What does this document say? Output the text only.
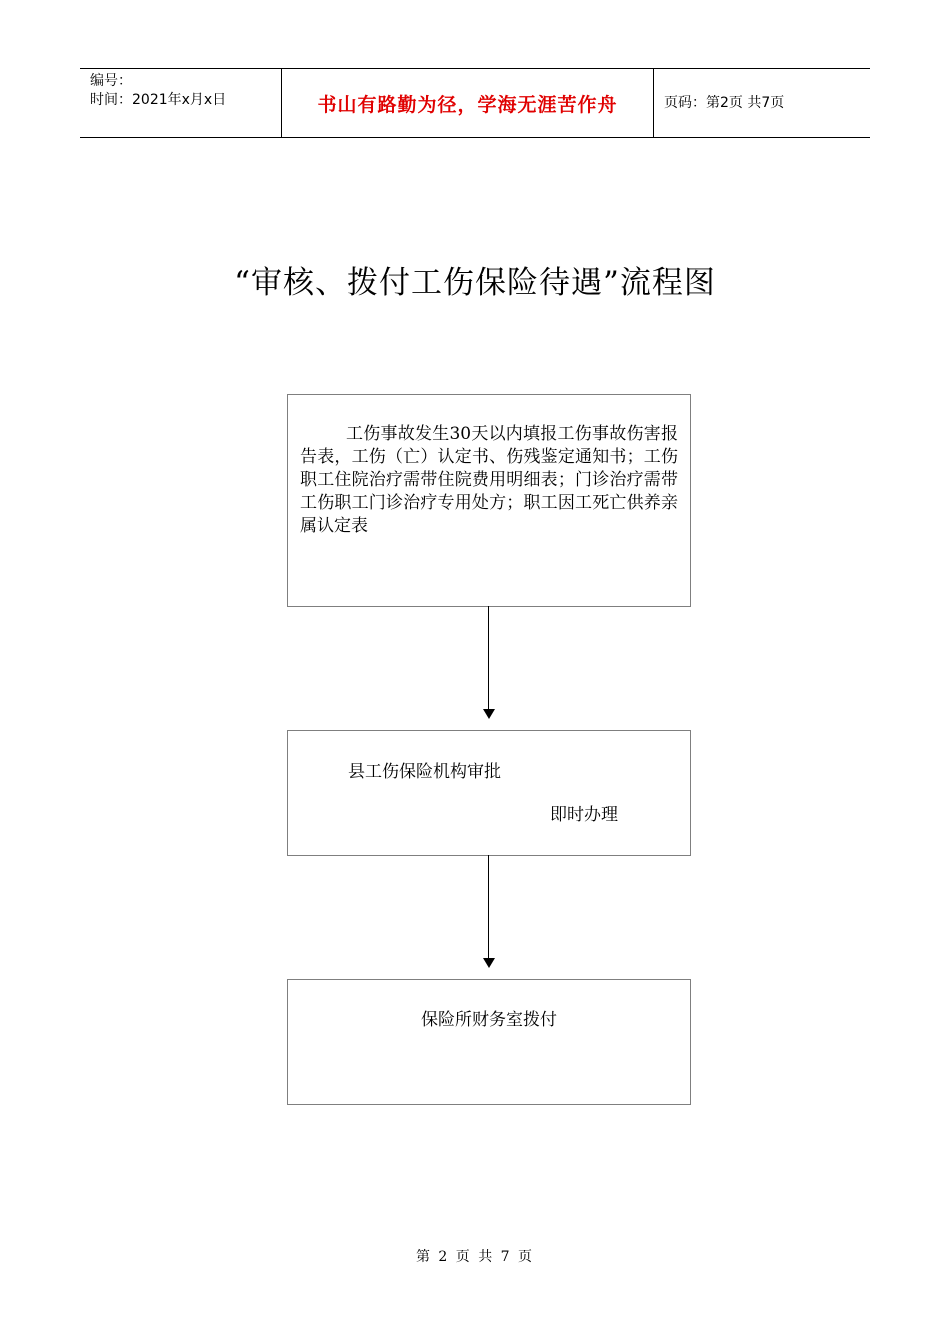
编号：
时间：2021年x月x日	书山有路勤为径，学海无涯苦作舟	页码：第2页 共7页
“审核、拨付工伤保险待遇”流程图
工伤事故发生30天以内填报工伤事故伤害报告表，工伤（亡）认定书、伤残鉴定通知书；工伤职工住院治疗需带住院费用明细表；门诊治疗需带工伤职工门诊治疗专用处方；职工因工死亡供养亲属认定表
县工伤保险机构审批
即时办理
保险所财务室拨付
第 2 页 共 7 页
